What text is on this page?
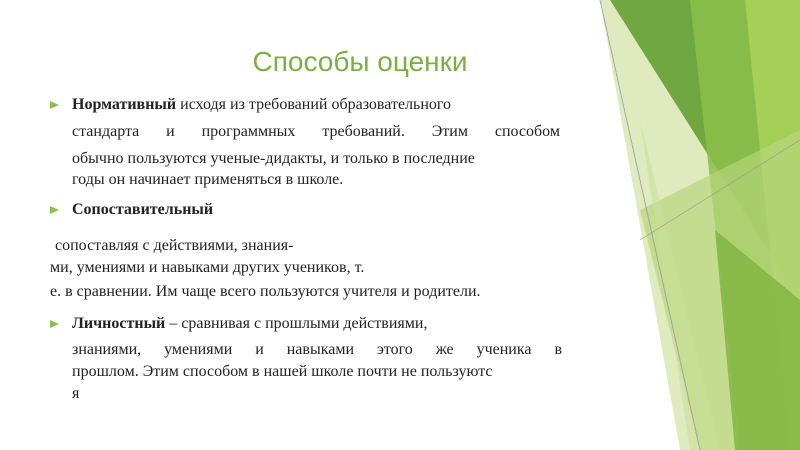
Способы оценки
Нормативный исходя из требований образовательного
стандарта и программных требований. Этим способом
обычно пользуются ученые‑дидакты, и только в последние
годы он начинает применяться в школе.
Сопоставительный
сопоставляя с действиями, знания‑
ми, умениями и навыками других учеников, т.
е. в сравнении. Им чаще всего пользуются учителя и родители.
Личностный – сравнивая с прошлыми действиями,
знаниями, умениями и навыками этого же ученика в
прошлом. Этим способом в нашей школе почти не пользуютс
я
